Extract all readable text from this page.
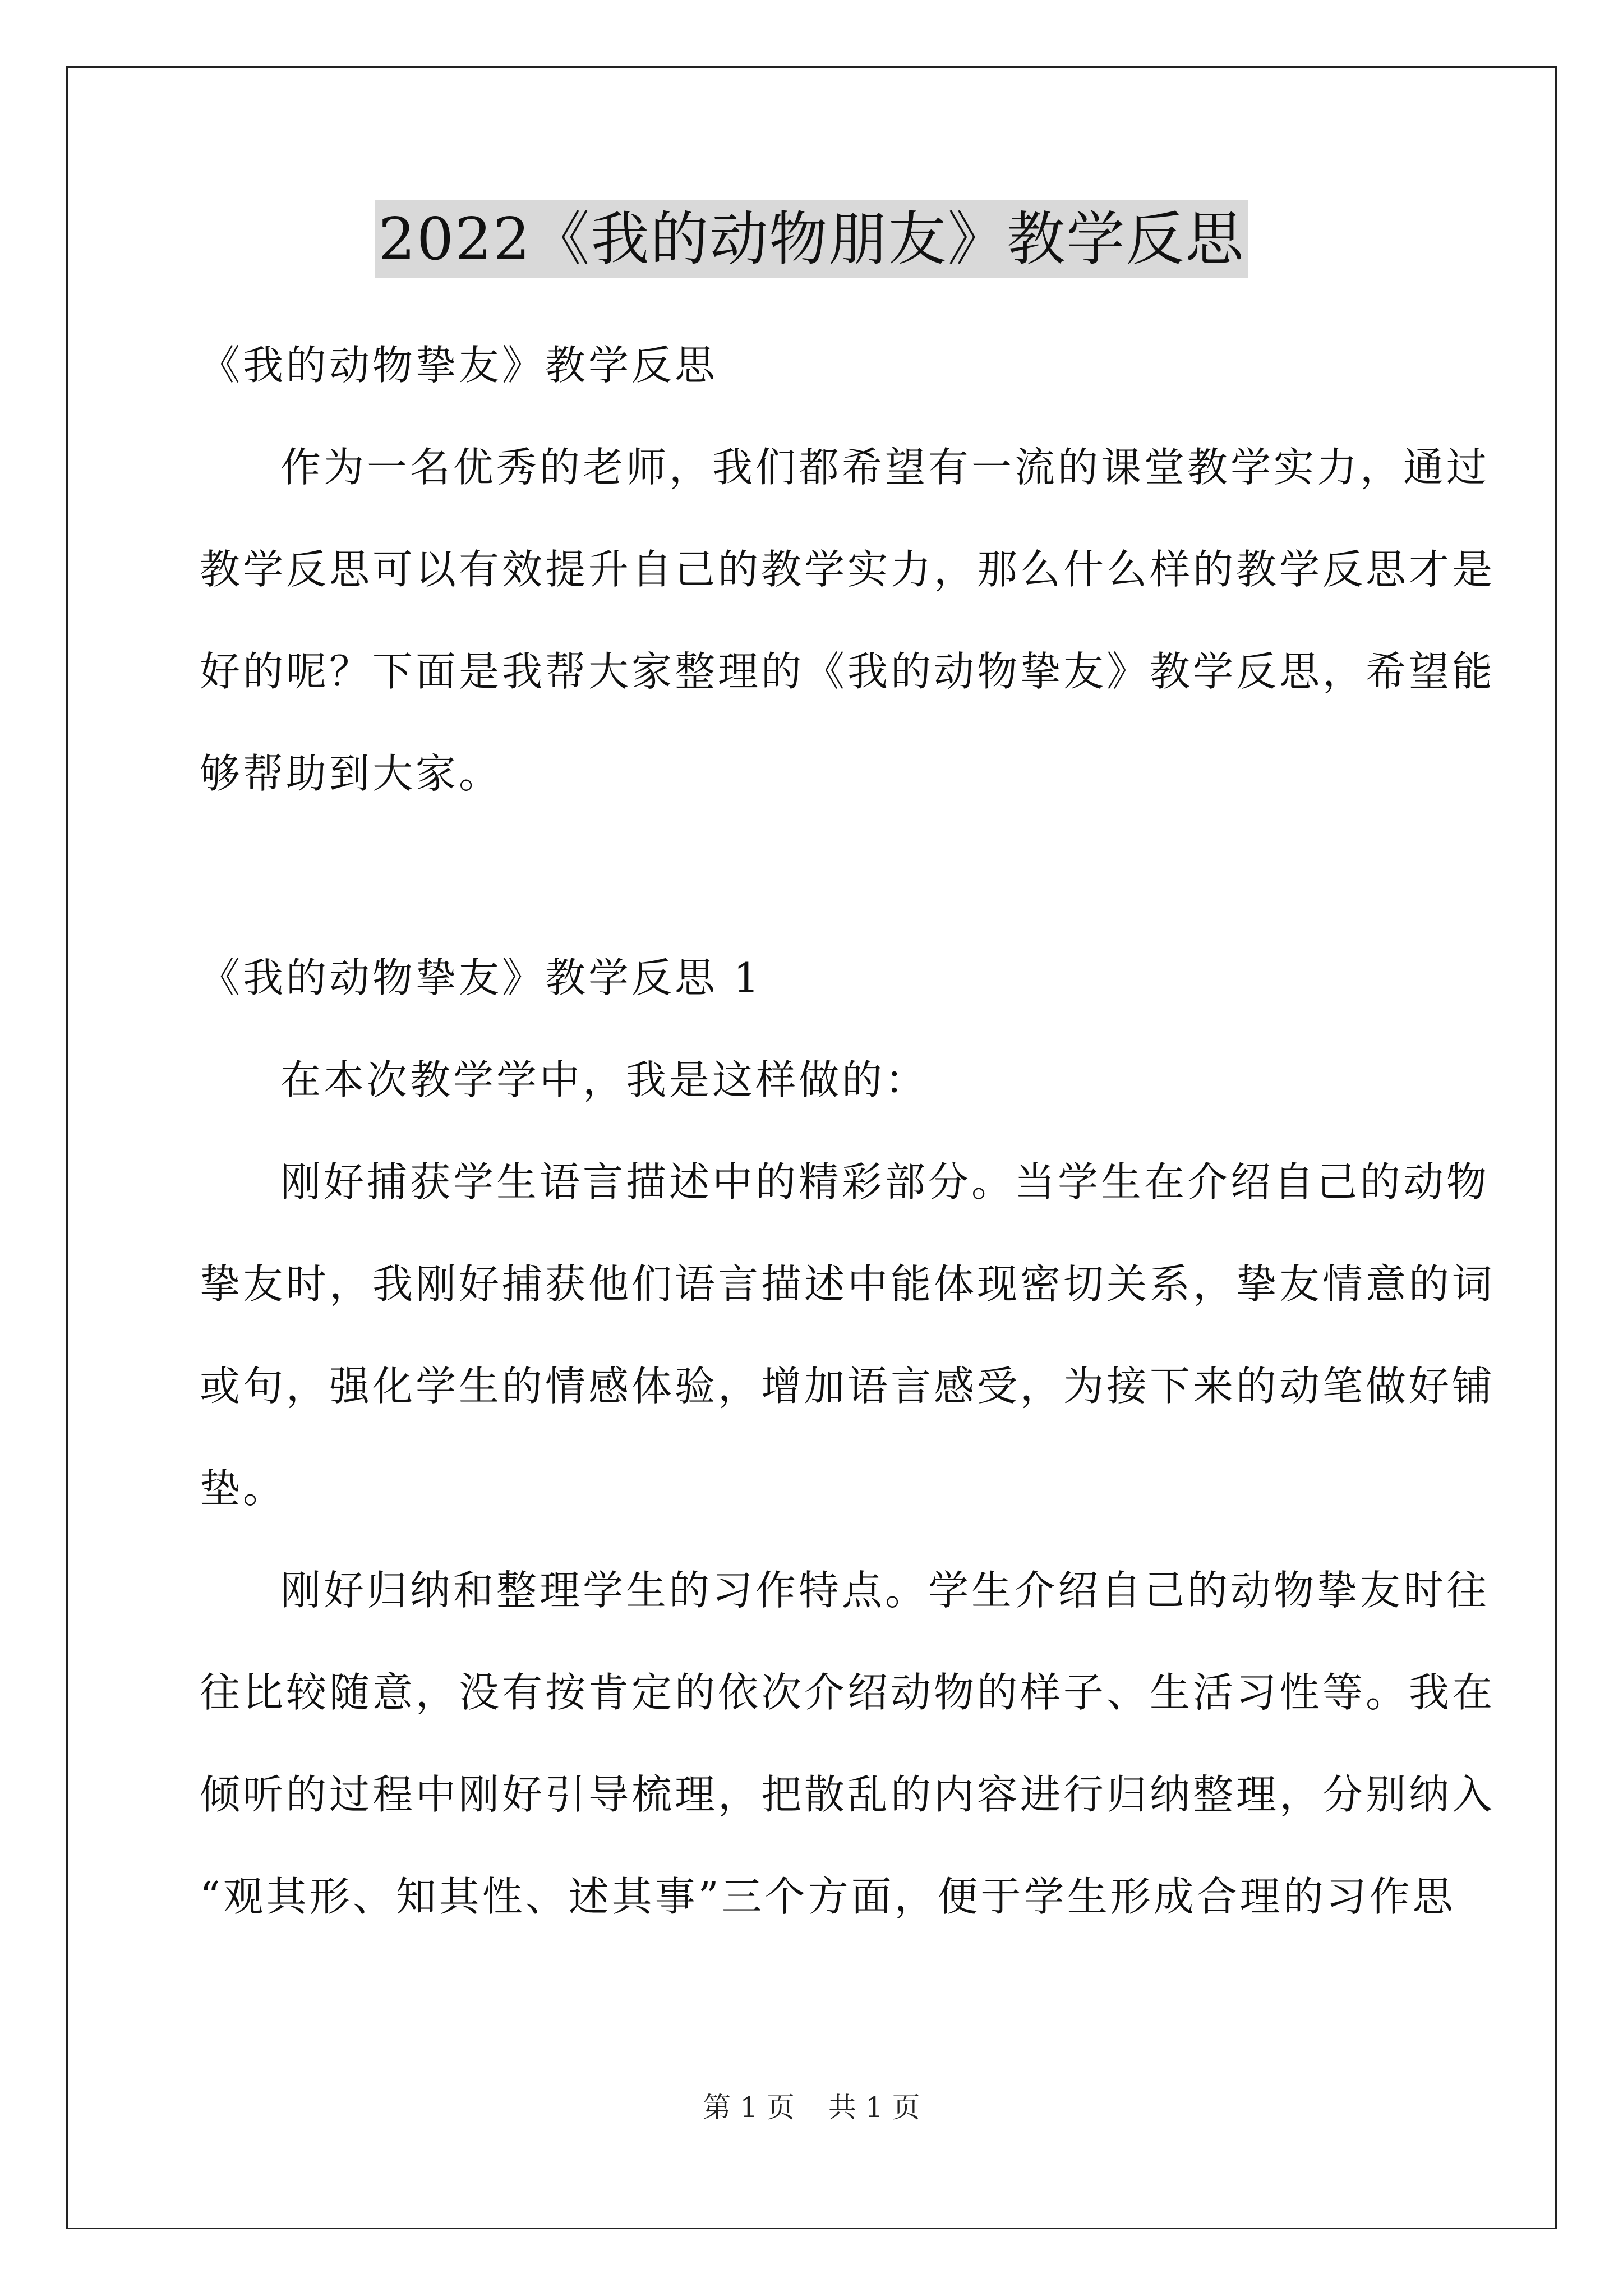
2022《我的动物朋友》教学反思
《我的动物挚友》教学反思
作为一名优秀的老师，我们都希望有一流的课堂教学实力，通过
教学反思可以有效提升自己的教学实力，那么什么样的教学反思才是
好的呢？下面是我帮大家整理的《我的动物挚友》教学反思，希望能
够帮助到大家。
《我的动物挚友》教学反思 1
在本次教学学中，我是这样做的：
刚好捕获学生语言描述中的精彩部分。当学生在介绍自己的动物
挚友时，我刚好捕获他们语言描述中能体现密切关系，挚友情意的词
或句，强化学生的情感体验，增加语言感受，为接下来的动笔做好铺
垫。
刚好归纳和整理学生的习作特点。学生介绍自己的动物挚友时往
往比较随意，没有按肯定的依次介绍动物的样子、生活习性等。我在
倾听的过程中刚好引导梳理，把散乱的内容进行归纳整理，分别纳入
“观其形、知其性、述其事”三个方面，便于学生形成合理的习作思
第 1 页 共 1 页
